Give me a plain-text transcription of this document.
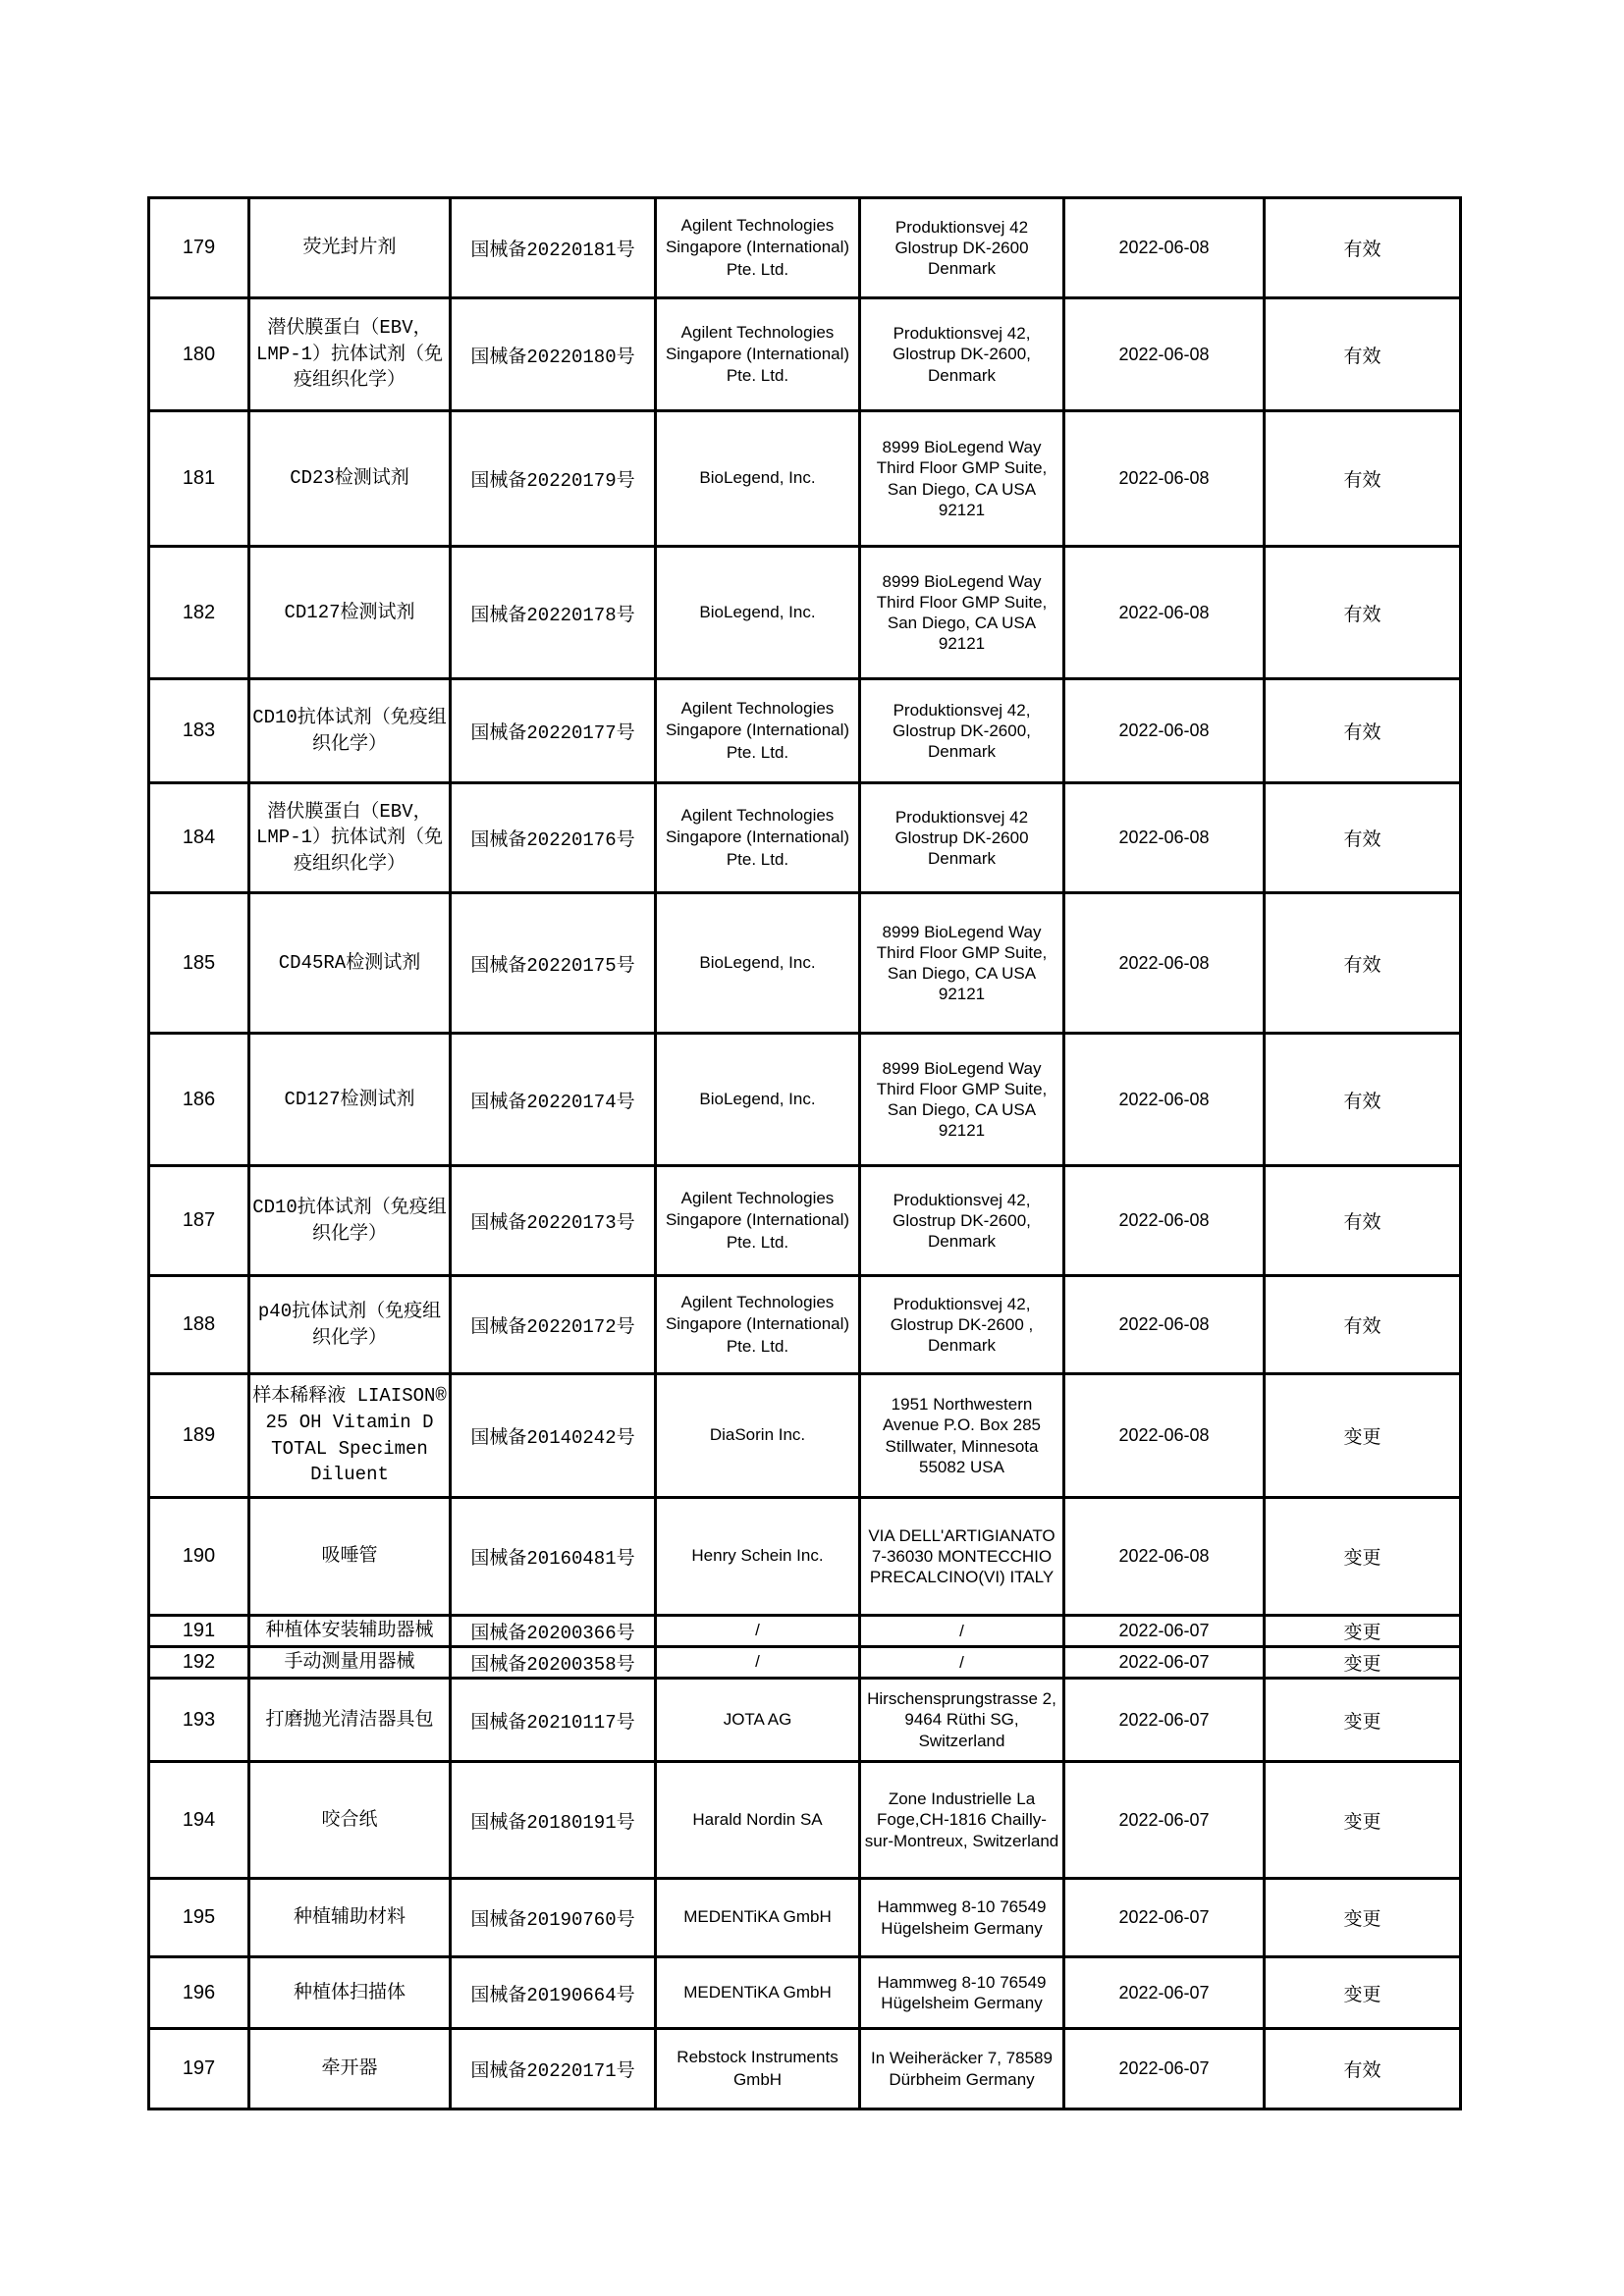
179	荧光封片剂	国械备20220181号	Agilent Technologies Singapore (International) Pte. Ltd.	Produktionsvej 42 Glostrup DK-2600 Denmark	2022-06-08	有效
180	潜伏膜蛋白（EBV，LMP-1）抗体试剂（免疫组织化学）	国械备20220180号	Agilent Technologies Singapore (International) Pte. Ltd.	Produktionsvej 42, Glostrup DK-2600, Denmark	2022-06-08	有效
181	CD23检测试剂	国械备20220179号	BioLegend, Inc.	8999 BioLegend Way Third Floor GMP Suite, San Diego, CA USA 92121	2022-06-08	有效
182	CD127检测试剂	国械备20220178号	BioLegend, Inc.	8999 BioLegend Way Third Floor GMP Suite, San Diego, CA USA 92121	2022-06-08	有效
183	CD10抗体试剂（免疫组织化学）	国械备20220177号	Agilent Technologies Singapore (International) Pte. Ltd.	Produktionsvej 42, Glostrup DK-2600, Denmark	2022-06-08	有效
184	潜伏膜蛋白（EBV，LMP-1）抗体试剂（免疫组织化学）	国械备20220176号	Agilent Technologies Singapore (International) Pte. Ltd.	Produktionsvej 42 Glostrup DK-2600 Denmark	2022-06-08	有效
185	CD45RA检测试剂	国械备20220175号	BioLegend, Inc.	8999 BioLegend Way Third Floor GMP Suite, San Diego, CA USA 92121	2022-06-08	有效
186	CD127检测试剂	国械备20220174号	BioLegend, Inc.	8999 BioLegend Way Third Floor GMP Suite, San Diego, CA USA 92121	2022-06-08	有效
187	CD10抗体试剂（免疫组织化学）	国械备20220173号	Agilent Technologies Singapore (International) Pte. Ltd.	Produktionsvej 42, Glostrup DK-2600, Denmark	2022-06-08	有效
188	p40抗体试剂（免疫组织化学）	国械备20220172号	Agilent Technologies Singapore (International) Pte. Ltd.	Produktionsvej 42, Glostrup DK-2600 , Denmark	2022-06-08	有效
189	样本稀释液 LIAISON® 25 OH Vitamin D TOTAL Specimen Diluent	国械备20140242号	DiaSorin Inc.	1951 Northwestern Avenue P.O. Box 285 Stillwater, Minnesota 55082 USA	2022-06-08	变更
190	吸唾管	国械备20160481号	Henry Schein Inc.	VIA DELL'ARTIGIANATO 7-36030 MONTECCHIO PRECALCINO(VI) ITALY	2022-06-08	变更
191	种植体安装辅助器械	国械备20200366号	/	/	2022-06-07	变更
192	手动测量用器械	国械备20200358号	/	/	2022-06-07	变更
193	打磨抛光清洁器具包	国械备20210117号	JOTA AG	Hirschensprungstrasse 2, 9464 Rüthi SG, Switzerland	2022-06-07	变更
194	咬合纸	国械备20180191号	Harald Nordin SA	Zone Industrielle La Foge,CH-1816 Chailly-sur-Montreux, Switzerland	2022-06-07	变更
195	种植辅助材料	国械备20190760号	MEDENTiKA GmbH	Hammweg 8-10 76549 Hügelsheim Germany	2022-06-07	变更
196	种植体扫描体	国械备20190664号	MEDENTiKA GmbH	Hammweg 8-10 76549 Hügelsheim Germany	2022-06-07	变更
197	牵开器	国械备20220171号	Rebstock Instruments GmbH	In Weiheräcker 7, 78589 Dürbheim Germany	2022-06-07	有效
